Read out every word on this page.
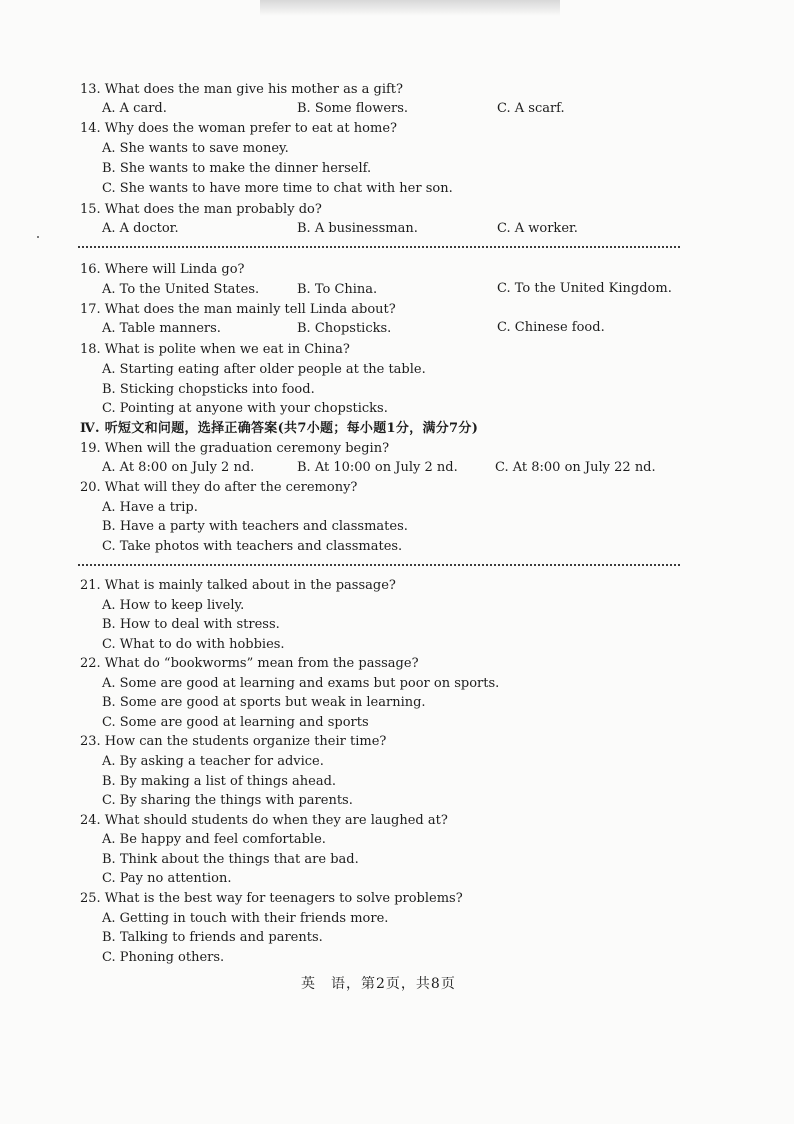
13. What does the man give his mother as a gift?
A. A card.	B. Some flowers.	C. A scarf.
14. Why does the woman prefer to eat at home?
A. She wants to save money.
B. She wants to make the dinner herself.
C. She wants to have more time to chat with her son.
15. What does the man probably do?
A. A doctor.	B. A businessman.	C. A worker.
16. Where will Linda go?
A. To the United States.	B. To China.	C. To the United Kingdom.
17. What does the man mainly tell Linda about?
A. Table manners.	B. Chopsticks.	C. Chinese food.
18. What is polite when we eat in China?
A. Starting eating after older people at the table.
B. Sticking chopsticks into food.
C. Pointing at anyone with your chopsticks.
Ⅳ. 听短文和问题，选择正确答案(共7小题；每小题1分，满分7分)
19. When will the graduation ceremony begin?
A. At 8:00 on July 2 nd.	B. At 10:00 on July 2 nd.	C. At 8:00 on July 22 nd.
20. What will they do after the ceremony?
A. Have a trip.
B. Have a party with teachers and classmates.
C. Take photos with teachers and classmates.
21. What is mainly talked about in the passage?
A. How to keep lively.
B. How to deal with stress.
C. What to do with hobbies.
22. What do “bookworms” mean from the passage?
A. Some are good at learning and exams but poor on sports.
B. Some are good at sports but weak in learning.
C. Some are good at learning and sports
23. How can the students organize their time?
A. By asking a teacher for advice.
B. By making a list of things ahead.
C. By sharing the things with parents.
24. What should students do when they are laughed at?
A. Be happy and feel comfortable.
B. Think about the things that are bad.
C. Pay no attention.
25. What is the best way for teenagers to solve problems?
A. Getting in touch with their friends more.
B. Talking to friends and parents.
C. Phoning others.
英　语，第2页，共8页
